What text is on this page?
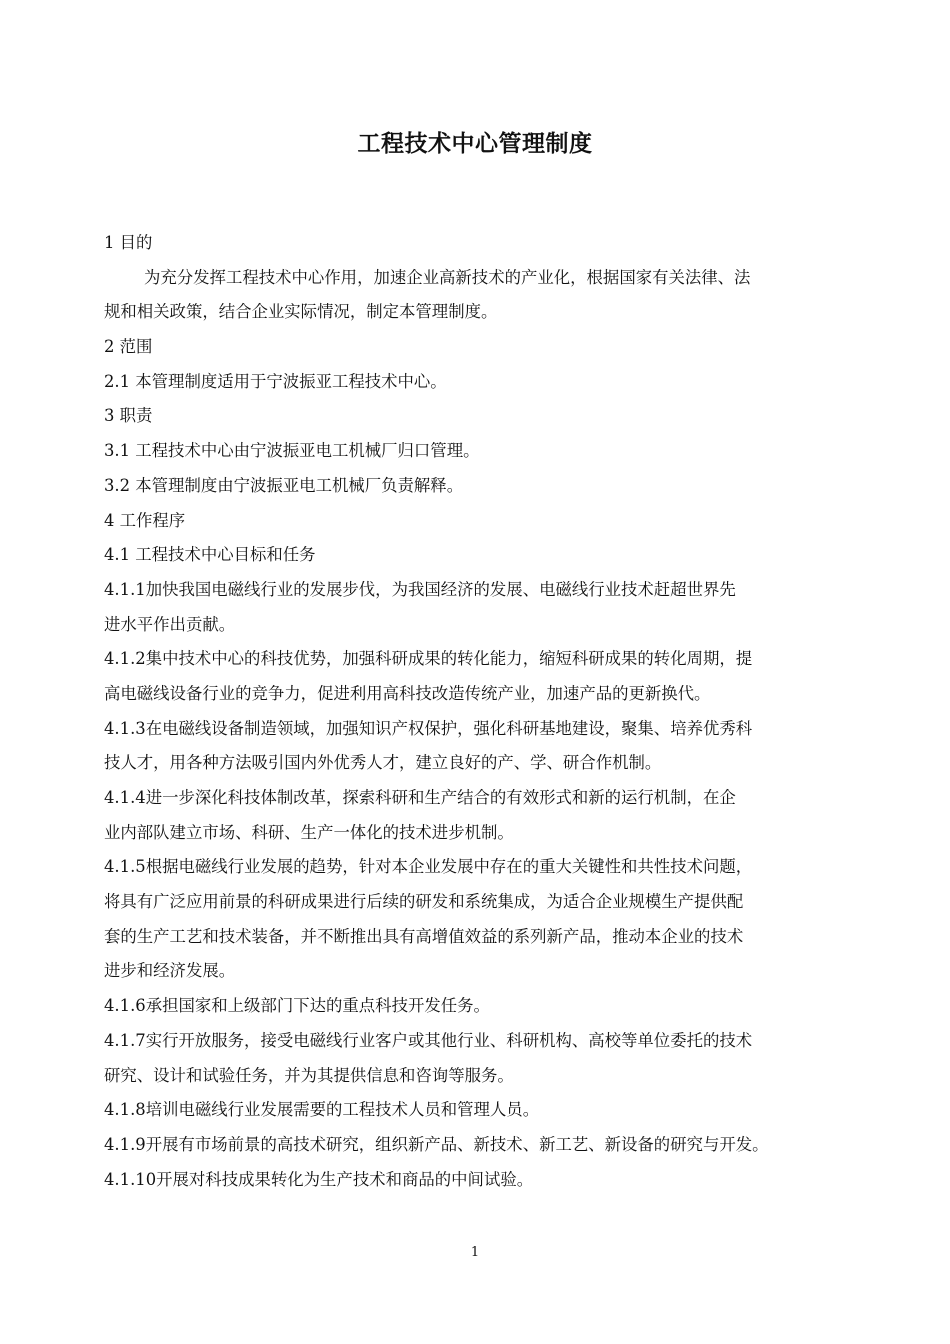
工程技术中心管理制度
1 目的
为充分发挥工程技术中心作用，加速企业高新技术的产业化，根据国家有关法律、法
规和相关政策，结合企业实际情况，制定本管理制度。
2 范围
2.1 本管理制度适用于宁波振亚工程技术中心。
3 职责
3.1 工程技术中心由宁波振亚电工机械厂归口管理。
3.2 本管理制度由宁波振亚电工机械厂负责解释。
4 工作程序
4.1 工程技术中心目标和任务
4.1.1加快我国电磁线行业的发展步伐，为我国经济的发展、电磁线行业技术赶超世界先
进水平作出贡献。
4.1.2集中技术中心的科技优势，加强科研成果的转化能力，缩短科研成果的转化周期，提
高电磁线设备行业的竞争力，促进利用高科技改造传统产业，加速产品的更新换代。
4.1.3在电磁线设备制造领域，加强知识产权保护，强化科研基地建设，聚集、培养优秀科
技人才，用各种方法吸引国内外优秀人才，建立良好的产、学、研合作机制。
4.1.4进一步深化科技体制改革，探索科研和生产结合的有效形式和新的运行机制，在企
业内部队建立市场、科研、生产一体化的技术进步机制。
4.1.5根据电磁线行业发展的趋势，针对本企业发展中存在的重大关键性和共性技术问题，
将具有广泛应用前景的科研成果进行后续的研发和系统集成，为适合企业规模生产提供配
套的生产工艺和技术装备，并不断推出具有高增值效益的系列新产品，推动本企业的技术
进步和经济发展。
4.1.6承担国家和上级部门下达的重点科技开发任务。
4.1.7实行开放服务，接受电磁线行业客户或其他行业、科研机构、高校等单位委托的技术
研究、设计和试验任务，并为其提供信息和咨询等服务。
4.1.8培训电磁线行业发展需要的工程技术人员和管理人员。
4.1.9开展有市场前景的高技术研究，组织新产品、新技术、新工艺、新设备的研究与开发。
4.1.10开展对科技成果转化为生产技术和商品的中间试验。
1
